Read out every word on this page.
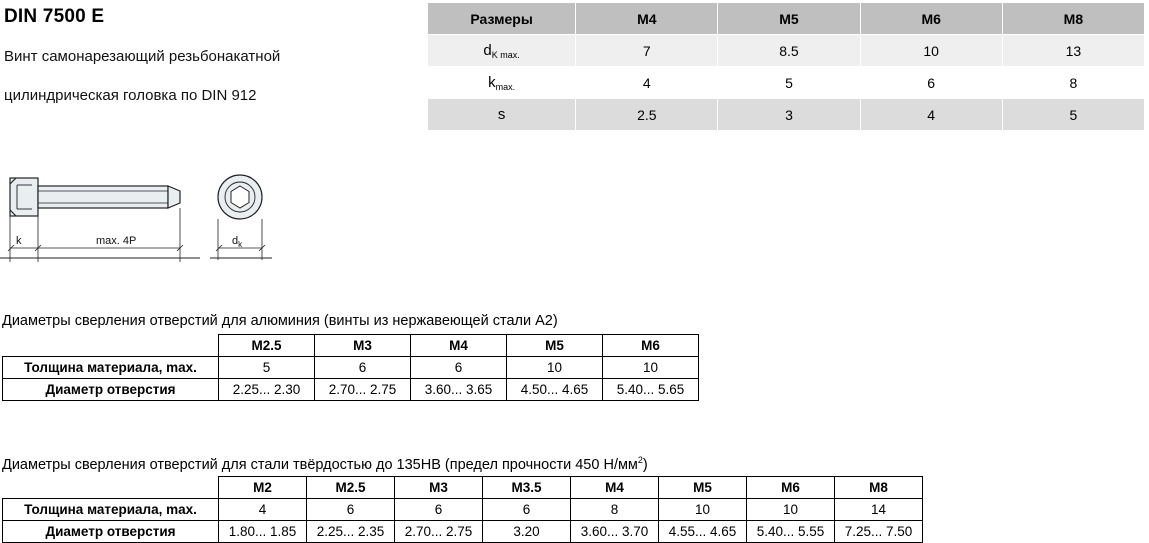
DIN 7500 E
Винт самонарезающий резьбонакатной
цилиндрическая головка по DIN 912
Размеры	M4	M5	M6	M8
$d_{K max.}$	7	8.5	10	13
$k_{max.}$	4	5	6	8
s	2.5	3	4	5
k	max. 4P	$d_k$
Диаметры сверления отверстий для алюминия (винты из нержавеющей стали А2)
	M2.5	M3	M4	M5	M6
Толщина материала, max.	5	6	6	10	10
Диаметр отверстия	2.25... 2.30	2.70... 2.75	3.60... 3.65	4.50... 4.65	5.40... 5.65
Диаметры сверления отверстий для стали твёрдостью до 135HB (предел прочности 450 $Н/мм^2$)
	M2	M2.5	M3	M3.5	M4	M5	M6	M8
Толщина материала, max.	4	6	6	6	8	10	10	14
Диаметр отверстия	1.80... 1.85	2.25... 2.35	2.70... 2.75	3.20	3.60... 3.70	4.55... 4.65	5.40... 5.55	7.25... 7.50
